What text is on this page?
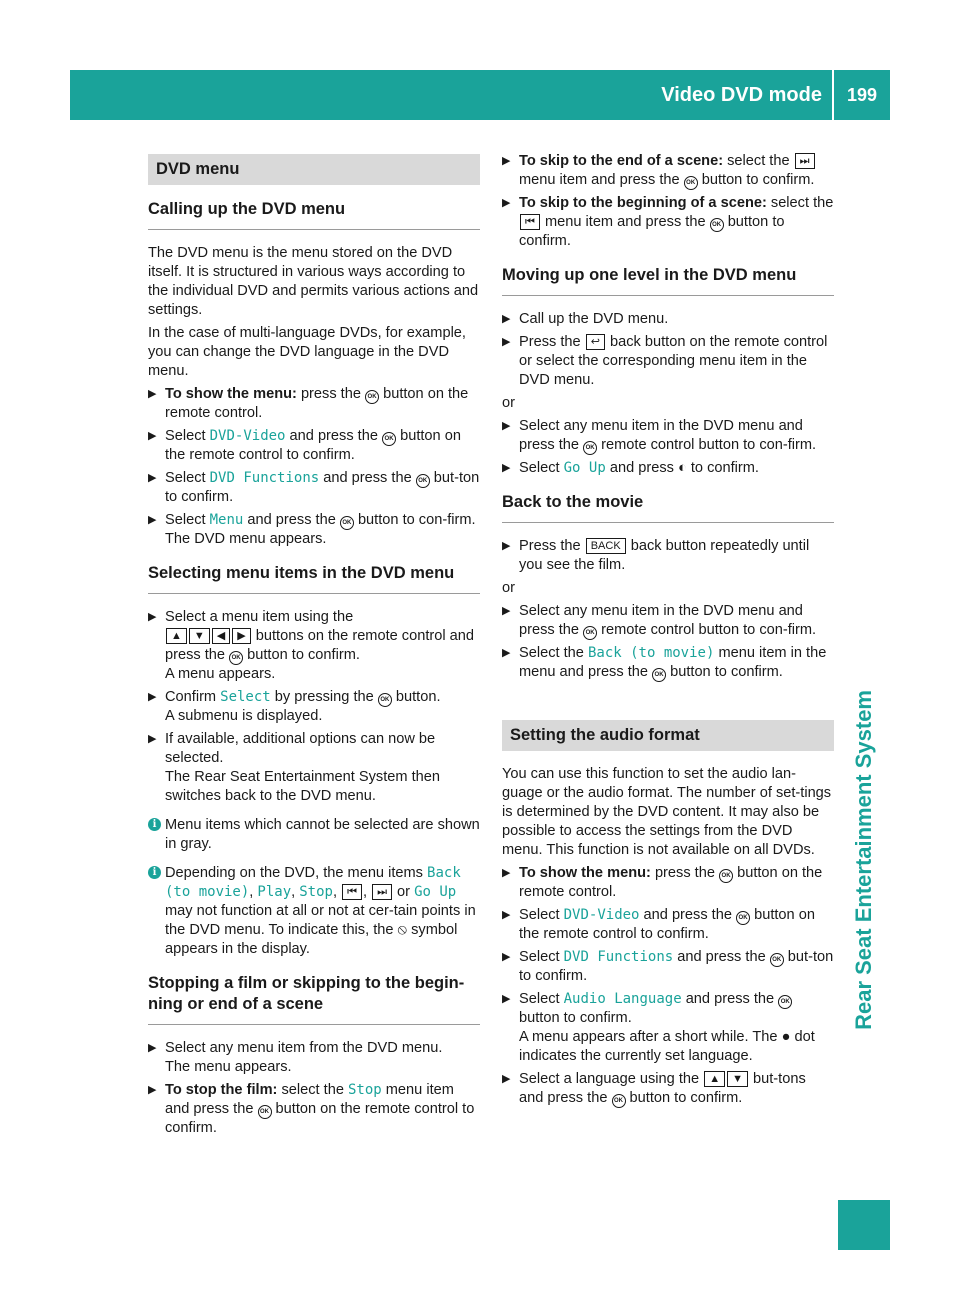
Video DVD mode	199
Rear Seat Entertainment System
DVD menu
Calling up the DVD menu

The DVD menu is the menu stored on the DVD itself. It is structured in various ways according to the individual DVD and permits various actions and settings.

In the case of multi-language DVDs, for example, you can change the DVD language in the DVD menu.

▶ To show the menu: press the OK button on the remote control.
▶ Select DVD-Video and press the OK button on the remote control to confirm.
▶ Select DVD Functions and press the OK but-ton to confirm.
▶ Select Menu and press the OK button to con-firm.
The DVD menu appears.
Selecting menu items in the DVD menu
▶ Select a menu item using the
▲ ▼ ◀ ▶ buttons on the remote control and press the OK button to confirm.
A menu appears.
▶ Confirm Select by pressing the OK button.
A submenu is displayed.
▶ If available, additional options can now be selected.
The Rear Seat Entertainment System then switches back to the DVD menu.
i Menu items which cannot be selected are shown in gray.
i Depending on the DVD, the menu items Back (to movie), Play, Stop, ⏮ , ⏭ or Go Up may not function at all or not at cer-tain points in the DVD menu. To indicate this, the ⦸ symbol appears in the display.
Stopping a film or skipping to the begin-ning or end of a scene
▶ Select any menu item from the DVD menu.
The menu appears.
▶ To stop the film: select the Stop menu item and press the OK button on the remote control to confirm.
▶ To skip to the end of a scene: select the ⏭ menu item and press the OK button to confirm.
▶ To skip to the beginning of a scene: select the ⏮ menu item and press the OK button to confirm.
Moving up one level in the DVD menu
▶ Call up the DVD menu.
▶ Press the ↩ back button on the remote control or select the corresponding menu item in the DVD menu.

or

▶ Select any menu item in the DVD menu and press the OK remote control button to con-firm.
▶ Select Go Up and press ◐ to confirm.
Back to the movie
▶ Press the BACK back button repeatedly until you see the film.

or

▶ Select any menu item in the DVD menu and press the OK remote control button to con-firm.
▶ Select the Back (to movie) menu item in the menu and press the OK button to confirm.
Setting the audio format

You can use this function to set the audio lan-guage or the audio format. The number of set-tings is determined by the DVD content. It may also be possible to access the settings from the DVD menu. This function is not available on all DVDs.

▶ To show the menu: press the OK button on the remote control.
▶ Select DVD-Video and press the OK button on the remote control to confirm.
▶ Select DVD Functions and press the OK but-ton to confirm.
▶ Select Audio Language and press the OK button to confirm.
A menu appears after a short while. The ● dot indicates the currently set language.
▶ Select a language using the ▲ ▼ but-tons and press the OK button to confirm.
